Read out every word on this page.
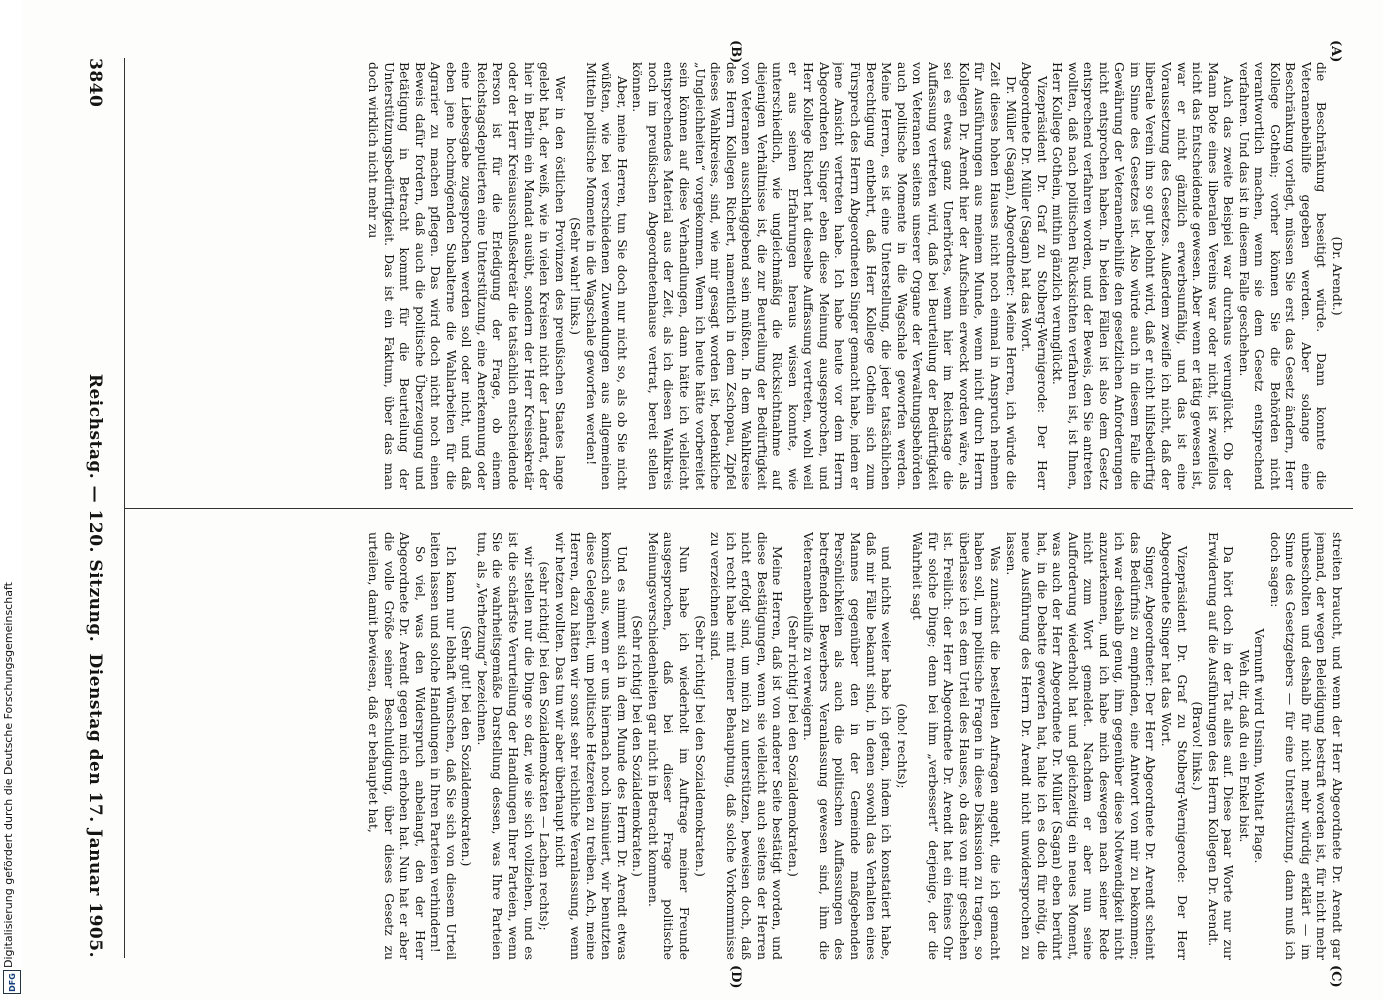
3840
Reichstag. — 120. Sitzung.
Dienstag den 17. Januar 1905.
(A)
(B)
(C)
(D)

(Dr. Arendt.)

die Beschränkung beseitigt würde. Dann konnte die Veteranenbeihilfe gegeben werden. Aber solange eine Beschränkung vorliegt, müssen Sie erst das Gesetz ändern, Herr Kollege Gothein; vorher können Sie die Behörden nicht verantwortlich machen, wenn sie dem Gesetz entsprechend verfahren. Und das ist in diesem Falle geschehen.

Auch das zweite Beispiel war durchaus verunglückt. Ob der Mann Bote eines liberalen Vereins war oder nicht, ist zweifellos nicht das Entscheidende gewesen. Aber wenn er tätig gewesen ist, war er nicht gänzlich erwerbsunfähig, und das ist eine Voraussetzung des Gesetzes. Außerdem zweifle ich nicht, daß der liberale Verein ihn so gut belohnt wird, daß er nicht hilfsbedürftig im Sinne des Gesetzes ist. Also würde auch in diesem Falle die Gewährung der Veteranenbeihilfe den gesetzlichen Anforderungen nicht entsprochen haben. In beiden Fällen ist also dem Gesetz entsprechend verfahren worden, und der Beweis, den Sie antreten wollten, daß nach politischen Rücksichten verfahren ist, ist Ihnen, Herr Kollege Gothein, mithin gänzlich verunglückt.

Vizepräsident Dr. Graf zu Stolberg-Wernigerode: Der Herr Abgeordnete Dr. Müller (Sagan) hat das Wort.

Dr. Müller (Sagan), Abgeordneter: Meine Herren, ich würde die Zeit dieses hohen Hauses nicht noch einmal in Anspruch nehmen für Ausführungen aus meinem Munde, wenn nicht durch Herrn Kollegen Dr. Arendt hier der Aufschein erweckt worden wäre, als sei es etwas ganz Unerhörtes, wenn hier im Reichstage die Auffassung vertreten wird, daß bei Beurteilung der Bedürftigkeit von Veteranen seitens unserer Organe der Verwaltungsbehörden auch politische Momente in die Wagschale geworfen werden. Meine Herren, es ist eine Unterstellung, die jeder tatsächlichen Berechtigung entbehrt, daß Herr Kollege Gothein sich zum Fürsprech des Herrn Abgeordneten Singer gemacht habe, indem er jene Ansicht vertreten habe. Ich habe heute vor dem Herrn Abgeordneten Singer eben diese Meinung ausgesprochen, und Herr Kollege Richert hat dieselbe Auffassung vertreten, wohl weil er aus seinen Erfahrungen heraus wissen konnte, wie unterschiedlich, wie ungleichmäßig die Rücksichtnahme auf diejenigen Verhältnisse ist, die zur Beurteilung der Bedürftigkeit von Veteranen ausschlaggebend sein müßten. In dem Wahlkreise des Herrn Kollegen Richert, namentlich in dem Zschopau, Zipfel dieses Wahlkreises, sind, wie mir gesagt worden ist, bedenkliche „Ungleichheiten“ vorgekommen. Wenn ich heute hätte vorbereitet sein können auf diese Verhandlungen, dann hätte ich vielleicht entsprechendes Material aus der Zeit, als ich diesen Wahlkreis noch im preußischen Abgeordnetenhause vertrat, bereit stellen können.

Aber, meine Herren, tun Sie doch nur nicht so, als ob Sie nicht wüßten, wie bei verschiedenen Zuwendungen aus allgemeinen Mitteln politische Momente in die Wagschale geworfen werden!

(Sehr wahr! links.)

Wer in den östlichen Provinzen des preußischen Staates lange gelebt hat, der weiß, wie in vielen Kreisen nicht der Landrat, der hier in Berlin ein Mandat ausübt, sondern der Herr Kreissekretär oder der Herr Kreisausschußsekretär die tatsächlich entscheidende Person ist für die Erledigung der Frage, ob einem Reichstagsdeputierten eine Unterstützung, eine Anerkennung oder eine Liebesgabe zugesprochen werden soll oder nicht, und daß eben jene hochmögenden Subalterne die Wahlarbeiten für die Agrarier zu machen pflegen. Das wird doch nicht noch einen Beweis dafür fordern, daß auch die politische Überzeugung und Betätigung in Betracht kommt für die Beurteilung der Unterstützungsbedürftigkeit. Das ist ein Faktum, über das man doch wirklich nicht mehr zu

streiten braucht, und wenn der Herr Abgeordnete Dr. Arendt gar jemand, der wegen Beleidigung bestraft worden ist, für nicht mehr unbescholten und deshalb für nicht mehr würdig erklärt — im Sinne des Gesetzgebers — für eine Unterstützung, dann muß ich doch sagen:

Vernunft wird Unsinn, Wohltat Plage.

Weh dir, daß du ein Enkel bist.

Da hört doch in der Tat alles auf. Diese paar Worte nur zur Erwiderung auf die Ausführungen des Herrn Kollegen Dr. Arendt.

(Bravo! links.)

Vizepräsident Dr. Graf zu Stolberg-Wernigerode: Der Herr Abgeordnete Singer hat das Wort.

Singer, Abgeordneter: Der Herr Abgeordnete Dr. Arendt scheint das Bedürfnis zu empfinden, eine Antwort von mir zu bekommen; ich war deshalb genug, ihm gegenüber diese Notwendigkeit nicht anzuerkennen, und ich habe mich deswegen nach seiner Rede nicht zum Wort gemeldet. Nachdem er aber nun seine Aufforderung wiederholt hat und gleichzeitig ein neues Moment, was auch der Herr Abgeordnete Dr. Müller (Sagan) eben berührt hat, in die Debatte geworfen hat, halte ich es doch für nötig, die neue Ausführung des Herrn Dr. Arendt nicht unwidersprochen zu lassen.

Was zunächst die bestellten Anfragen angeht, die ich gemacht haben soll, um politische Fragen in diese Diskussion zu tragen, so überlasse ich es dem Urteil des Hauses, ob das von mir geschehen ist. Freilich: der Herr Abgeordnete Dr. Arendt hat ein feines Ohr für solche Dinge; denn bei ihm „verbessert“ derjenige, der die Wahrheit sagt

(oho! rechts);

und nichts weiter habe ich getan, indem ich konstatiert habe, daß mir Fälle bekannt sind, in denen sowohl das Verhalten eines Mannes gegenüber den in der Gemeinde maßgebenden Persönlichkeiten als auch die politischen Auffassungen des betreffenden Bewerbers Veranlassung gewesen sind, ihm die Veteranenbeihilfe zu verweigern.

(Sehr richtig! bei den Sozialdemokraten.)

Meine Herren, daß ist von anderer Seite bestätigt worden, und diese Bestätigungen, wenn sie vielleicht auch seitens der Herren nicht erfolgt sind, um mich zu unterstützen, beweisen doch, daß ich recht habe mit meiner Behauptung, daß solche Vorkommnisse zu verzeichnen sind.

(Sehr richtig! bei den Sozialdemokraten.)

Nun habe ich wiederholt im Auftrage meiner Freunde ausgesprochen, daß bei dieser Frage politische Meinungsverschiedenheiten gar nicht in Betracht kommen.

(Sehr richtig! bei den Sozialdemokraten.)

Und es nimmt sich in dem Munde des Herrn Dr. Arendt etwas komisch aus, wenn er uns hiernach noch insinuiert, wir benutzten diese Gelegenheit, um politische Hetzereien zu treiben. Ach, meine Herren, dazu hätten wir sonst sehr reichliche Veranlassung, wenn wir hetzen wollten. Das tun wir aber überhaupt nicht

(sehr richtig! bei den Sozialdemokraten — Lachen rechts);

wir stellen nur die Dinge so dar, wie sie sich vollziehen, und es ist die schärfste Verurteilung der Handlungen Ihrer Parteien, wenn Sie die wahrheitsgemäße Darstellung dessen, was Ihre Parteien tun, als „Verhetzung“ bezeichnen.

(Sehr gut! bei den Sozialdemokraten.)

Ich kann nur lebhaft wünschen, daß Sie sich von diesem Urteil leiten lassen und solche Handlungen in Ihren Parteien verhindern!

So viel, was den Widerspruch anbelangt, den der Herr Abgeordnete Dr. Arendt gegen mich erhoben hat. Nun hat er aber die volle Größe seiner Beschuldigung, über dieses Gesetz zu urteilen, damit bewiesen, daß er behauptet hat,

Digitalisierung gefördert durch die Deutsche Forschungsgemeinschaft
DFG
